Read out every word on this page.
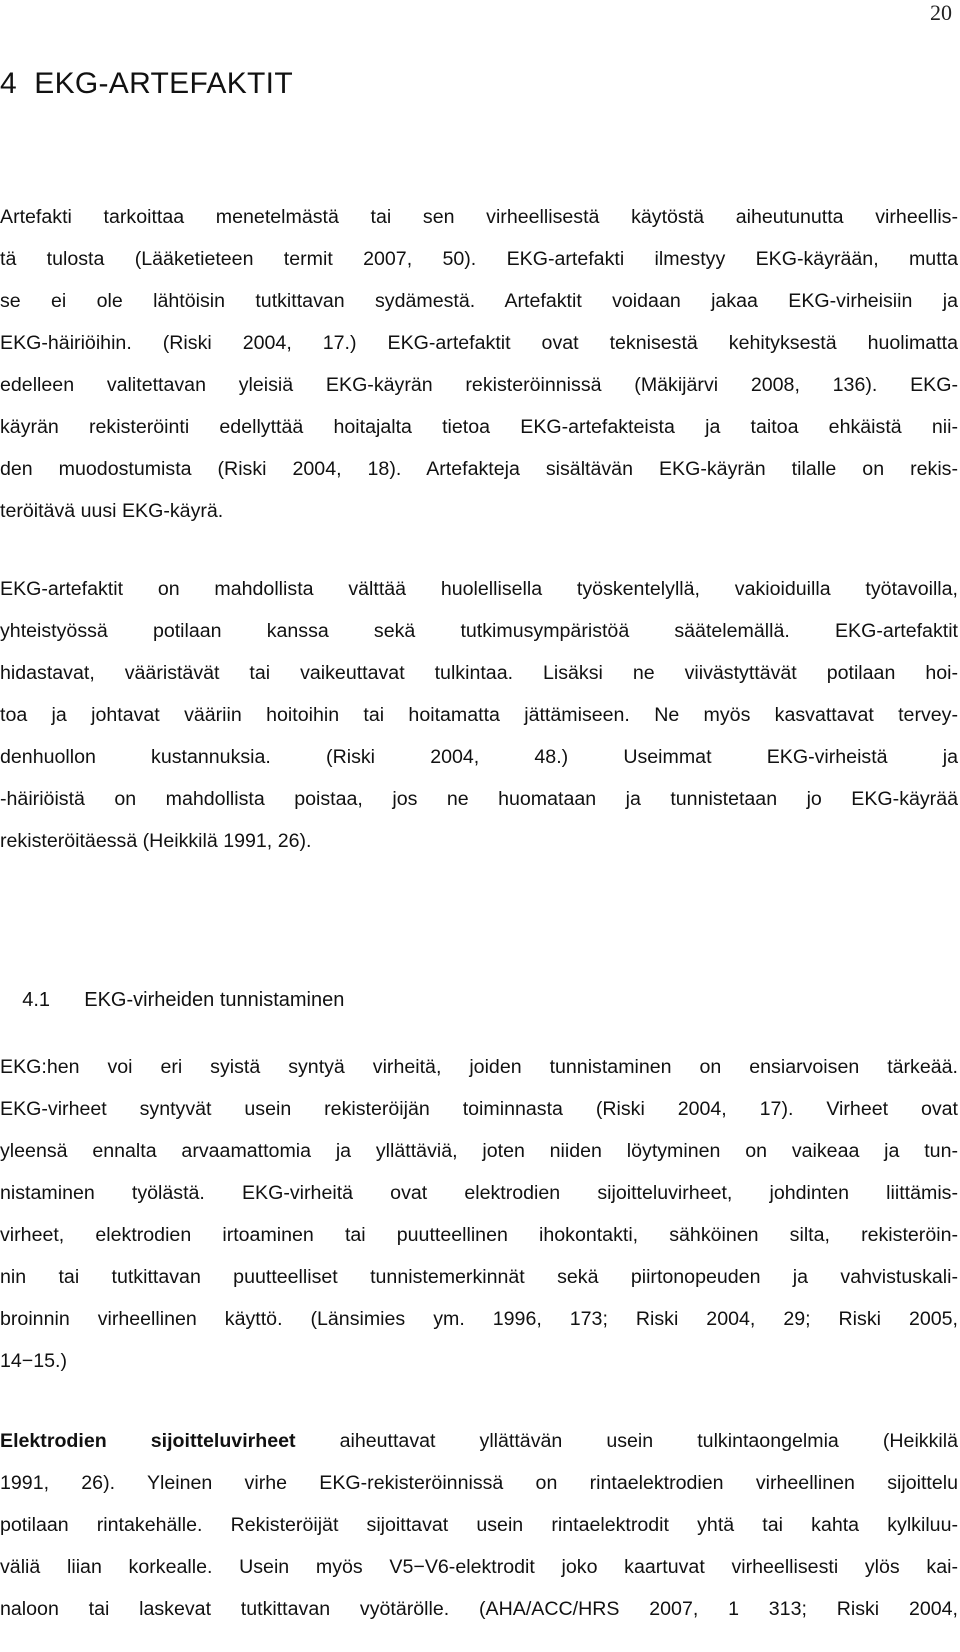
20
4  EKG-ARTEFAKTIT
Artefakti tarkoittaa menetelmästä tai sen virheellisestä käytöstä aiheutunutta virheellis-
tä tulosta (Lääketieteen termit 2007, 50). EKG-artefakti ilmestyy EKG-käyrään, mutta
se ei ole lähtöisin tutkittavan sydämestä. Artefaktit voidaan jakaa EKG-virheisiin ja
EKG-häiriöihin. (Riski 2004, 17.) EKG-artefaktit ovat teknisestä kehityksestä huolimatta
edelleen valitettavan yleisiä EKG-käyrän rekisteröinnissä (Mäkijärvi 2008, 136). EKG-
käyrän rekisteröinti edellyttää hoitajalta tietoa EKG-artefakteista ja taitoa ehkäistä nii-
den muodostumista (Riski 2004, 18). Artefakteja sisältävän EKG-käyrän tilalle on rekis-
teröitävä uusi EKG-käyrä.
EKG-artefaktit on mahdollista välttää huolellisella työskentelyllä, vakioiduilla työtavoilla,
yhteistyössä potilaan kanssa sekä tutkimusympäristöä säätelemällä. EKG-artefaktit
hidastavat, vääristävät tai vaikeuttavat tulkintaa. Lisäksi ne viivästyttävät potilaan hoi-
toa ja johtavat vääriin hoitoihin tai hoitamatta jättämiseen. Ne myös kasvattavat tervey-
denhuollon kustannuksia. (Riski 2004, 48.) Useimmat EKG-virheistä ja
-häiriöistä on mahdollista poistaa, jos ne huomataan ja tunnistetaan jo EKG-käyrää
rekisteröitäessä (Heikkilä 1991, 26).

4.1 EKG-virheiden tunnistaminen

EKG:hen voi eri syistä syntyä virheitä, joiden tunnistaminen on ensiarvoisen tärkeää.
EKG-virheet syntyvät usein rekisteröijän toiminnasta (Riski 2004, 17). Virheet ovat
yleensä ennalta arvaamattomia ja yllättäviä, joten niiden löytyminen on vaikeaa ja tun-
nistaminen työlästä. EKG-virheitä ovat elektrodien sijoitteluvirheet, johdinten liittämis-
virheet, elektrodien irtoaminen tai puutteellinen ihokontakti, sähköinen silta, rekisteröin-
nin tai tutkittavan puutteelliset tunnistemerkinnät sekä piirtonopeuden ja vahvistuskali-
broinnin virheellinen käyttö. (Länsimies ym. 1996, 173; Riski 2004, 29; Riski 2005,
14−15.)
Elektrodien sijoitteluvirheet aiheuttavat yllättävän usein tulkintaongelmia (Heikkilä
1991, 26). Yleinen virhe EKG-rekisteröinnissä on rintaelektrodien virheellinen sijoittelu
potilaan rintakehälle. Rekisteröijät sijoittavat usein rintaelektrodit yhtä tai kahta kylkiluu-
väliä liian korkealle. Usein myös V5−V6-elektrodit joko kaartuvat virheellisesti ylös kai-
naloon tai laskevat tutkittavan vyötärölle. (AHA/ACC/HRS 2007, 1 313; Riski 2004,
